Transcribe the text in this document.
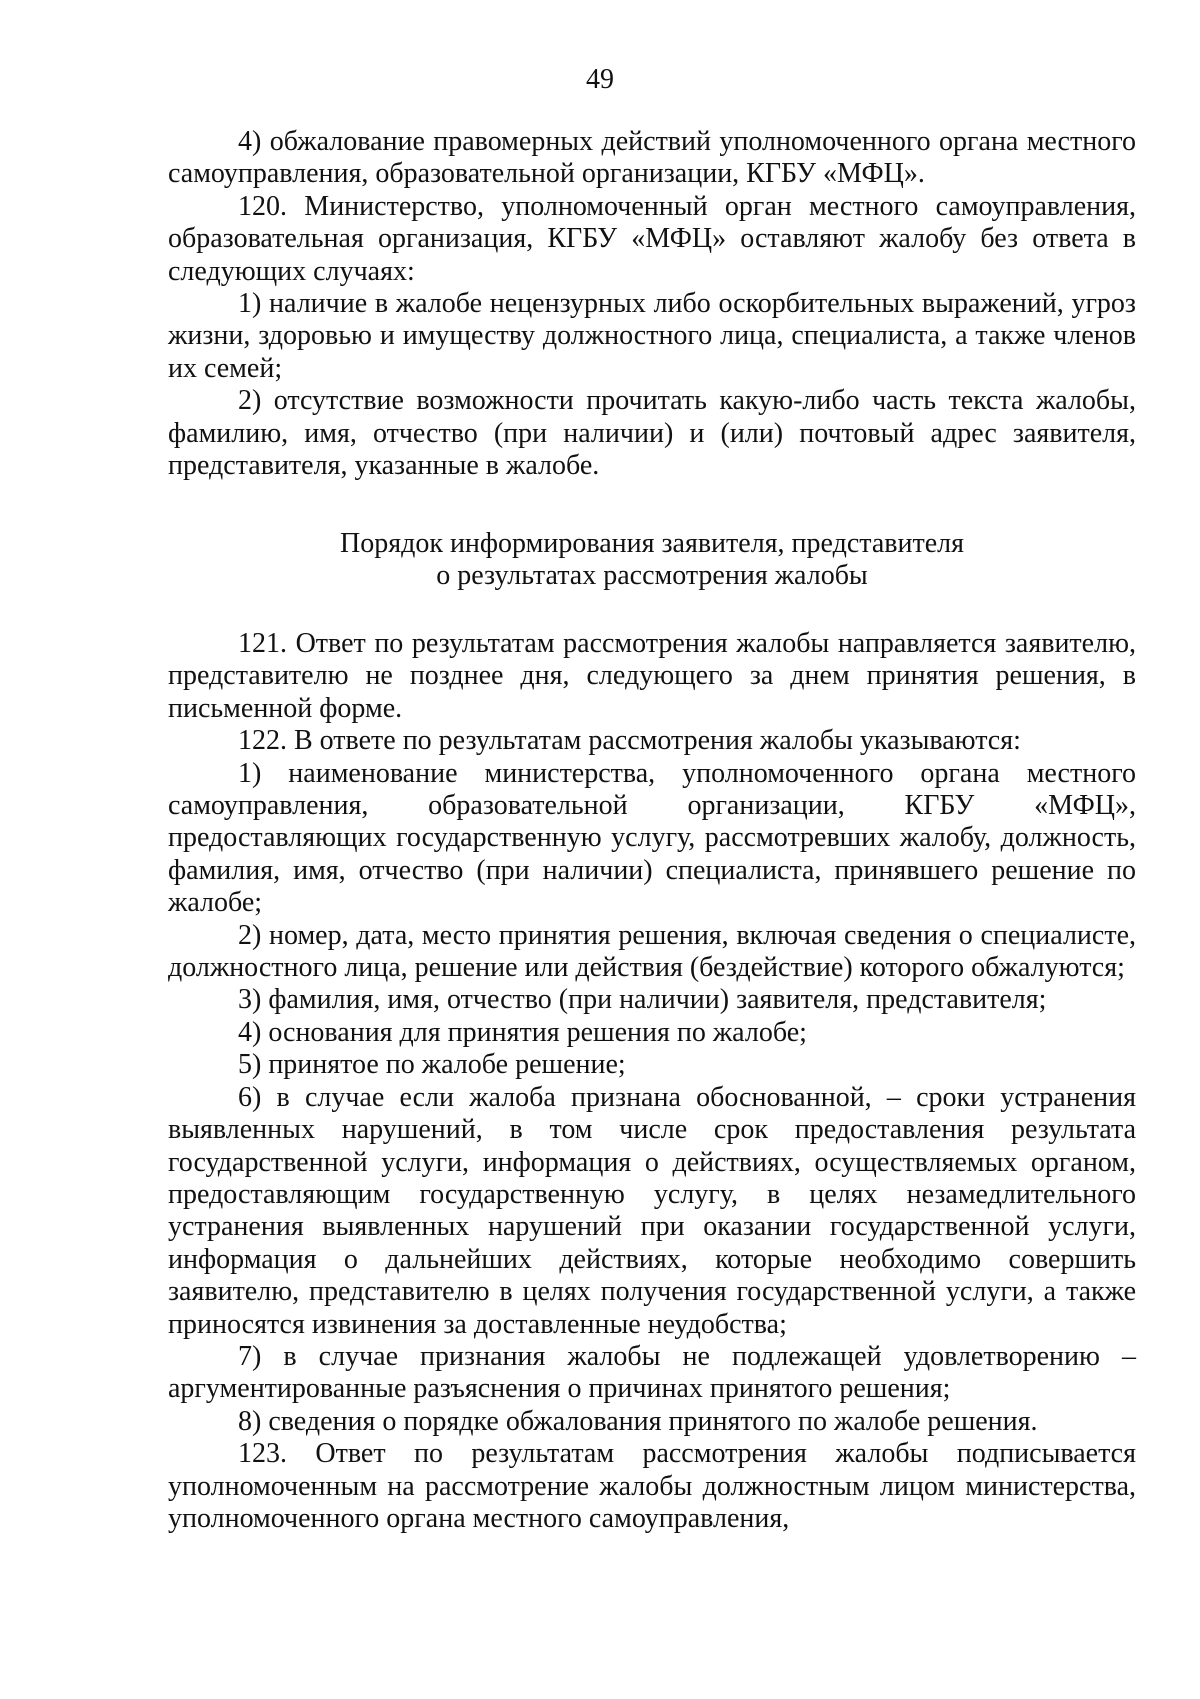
49

4) обжалование правомерных действий уполномоченного органа местного самоуправления, образовательной организации, КГБУ «МФЦ».

120. Министерство, уполномоченный орган местного самоуправления, образовательная организация, КГБУ «МФЦ» оставляют жалобу без ответа в следующих случаях:

1) наличие в жалобе нецензурных либо оскорбительных выражений, угроз жизни, здоровью и имуществу должностного лица, специалиста, а также членов их семей;

2) отсутствие возможности прочитать какую-либо часть текста жалобы, фамилию, имя, отчество (при наличии) и (или) почтовый адрес заявителя, представителя, указанные в жалобе.

Порядок информирования заявителя, представителя
о результатах рассмотрения жалобы

121. Ответ по результатам рассмотрения жалобы направляется заявителю, представителю не позднее дня, следующего за днем принятия решения, в письменной форме.

122. В ответе по результатам рассмотрения жалобы указываются:

1) наименование министерства, уполномоченного органа местного самоуправления, образовательной организации, КГБУ «МФЦ», предоставляющих государственную услугу, рассмотревших жалобу, должность, фамилия, имя, отчество (при наличии) специалиста, принявшего решение по жалобе;

2) номер, дата, место принятия решения, включая сведения о специалисте, должностного лица, решение или действия (бездействие) которого обжалуются;

3) фамилия, имя, отчество (при наличии) заявителя, представителя;

4) основания для принятия решения по жалобе;

5) принятое по жалобе решение;

6) в случае если жалоба признана обоснованной, – сроки устранения выявленных нарушений, в том числе срок предоставления результата государственной услуги, информация о действиях, осуществляемых органом, предоставляющим государственную услугу, в целях незамедлительного устранения выявленных нарушений при оказании государственной услуги, информация о дальнейших действиях, которые необходимо совершить заявителю, представителю в целях получения государственной услуги, а также приносятся извинения за доставленные неудобства;

7) в случае признания жалобы не подлежащей удовлетворению – аргументированные разъяснения о причинах принятого решения;

8) сведения о порядке обжалования принятого по жалобе решения.

123. Ответ по результатам рассмотрения жалобы подписывается уполномоченным на рассмотрение жалобы должностным лицом министерства, уполномоченного органа местного самоуправления,
